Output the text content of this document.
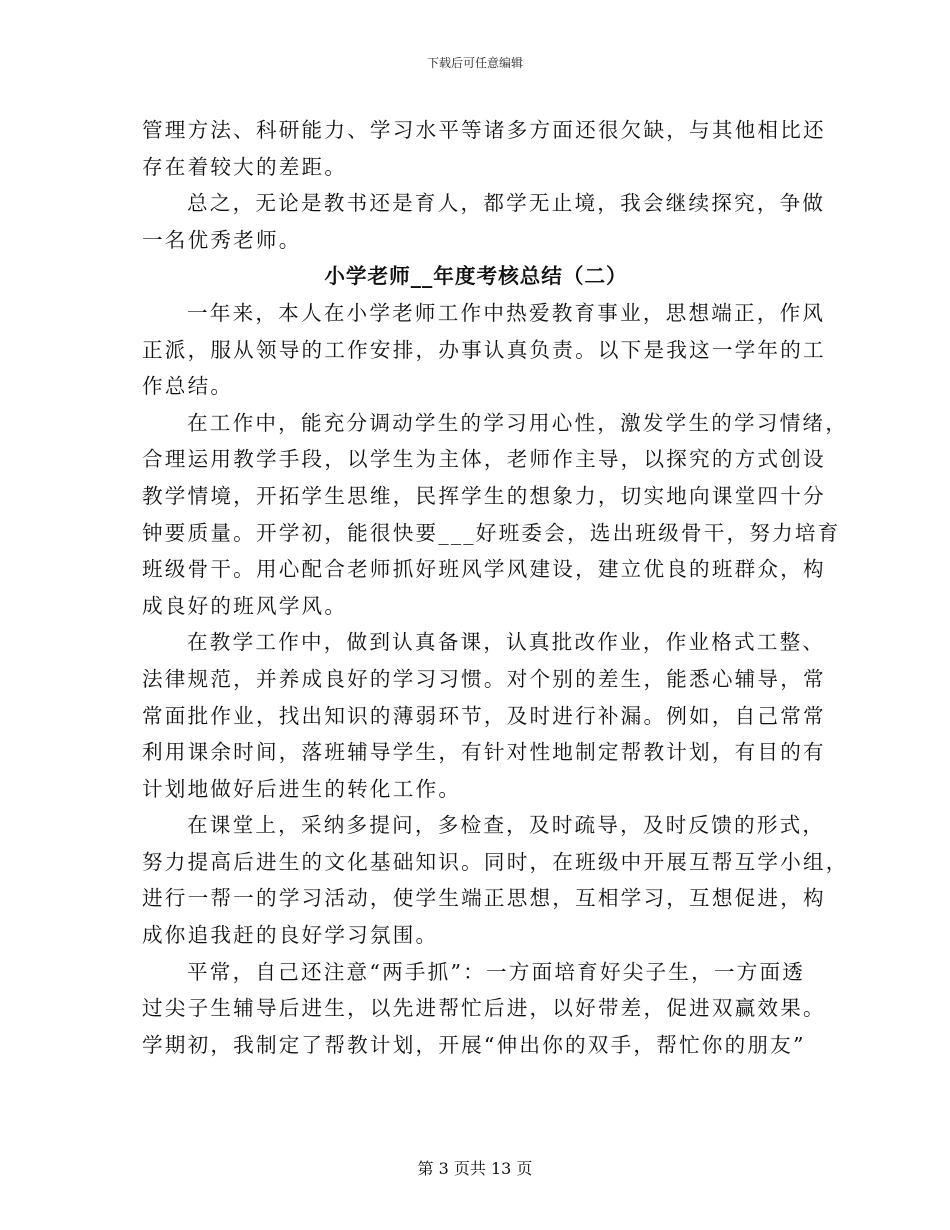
下载后可任意编辑
管理方法、科研能力、学习水平等诸多方面还很欠缺，与其他相比还
存在着较大的差距。
总之，无论是教书还是育人，都学无止境，我会继续探究，争做
一名优秀老师。
小学老师__年度考核总结（二）
一年来，本人在小学老师工作中热爱教育事业，思想端正，作风
正派，服从领导的工作安排，办事认真负责。以下是我这一学年的工
作总结。
在工作中，能充分调动学生的学习用心性，激发学生的学习情绪，
合理运用教学手段，以学生为主体，老师作主导，以探究的方式创设
教学情境，开拓学生思维，民挥学生的想象力，切实地向课堂四十分
钟要质量。开学初，能很快要___好班委会，选出班级骨干，努力培育
班级骨干。用心配合老师抓好班风学风建设，建立优良的班群众，构
成良好的班风学风。
在教学工作中，做到认真备课，认真批改作业，作业格式工整、
法律规范，并养成良好的学习习惯。对个别的差生，能悉心辅导，常
常面批作业，找出知识的薄弱环节，及时进行补漏。例如，自己常常
利用课余时间，落班辅导学生，有针对性地制定帮教计划，有目的有
计划地做好后进生的转化工作。
在课堂上，采纳多提问，多检查，及时疏导，及时反馈的形式，
努力提高后进生的文化基础知识。同时，在班级中开展互帮互学小组，
进行一帮一的学习活动，使学生端正思想，互相学习，互想促进，构
成你追我赶的良好学习氛围。
平常，自己还注意“两手抓”：一方面培育好尖子生，一方面透
过尖子生辅导后进生，以先进帮忙后进，以好带差，促进双赢效果。
学期初，我制定了帮教计划，开展“伸出你的双手，帮忙你的朋友”
第 3 页共 13 页
